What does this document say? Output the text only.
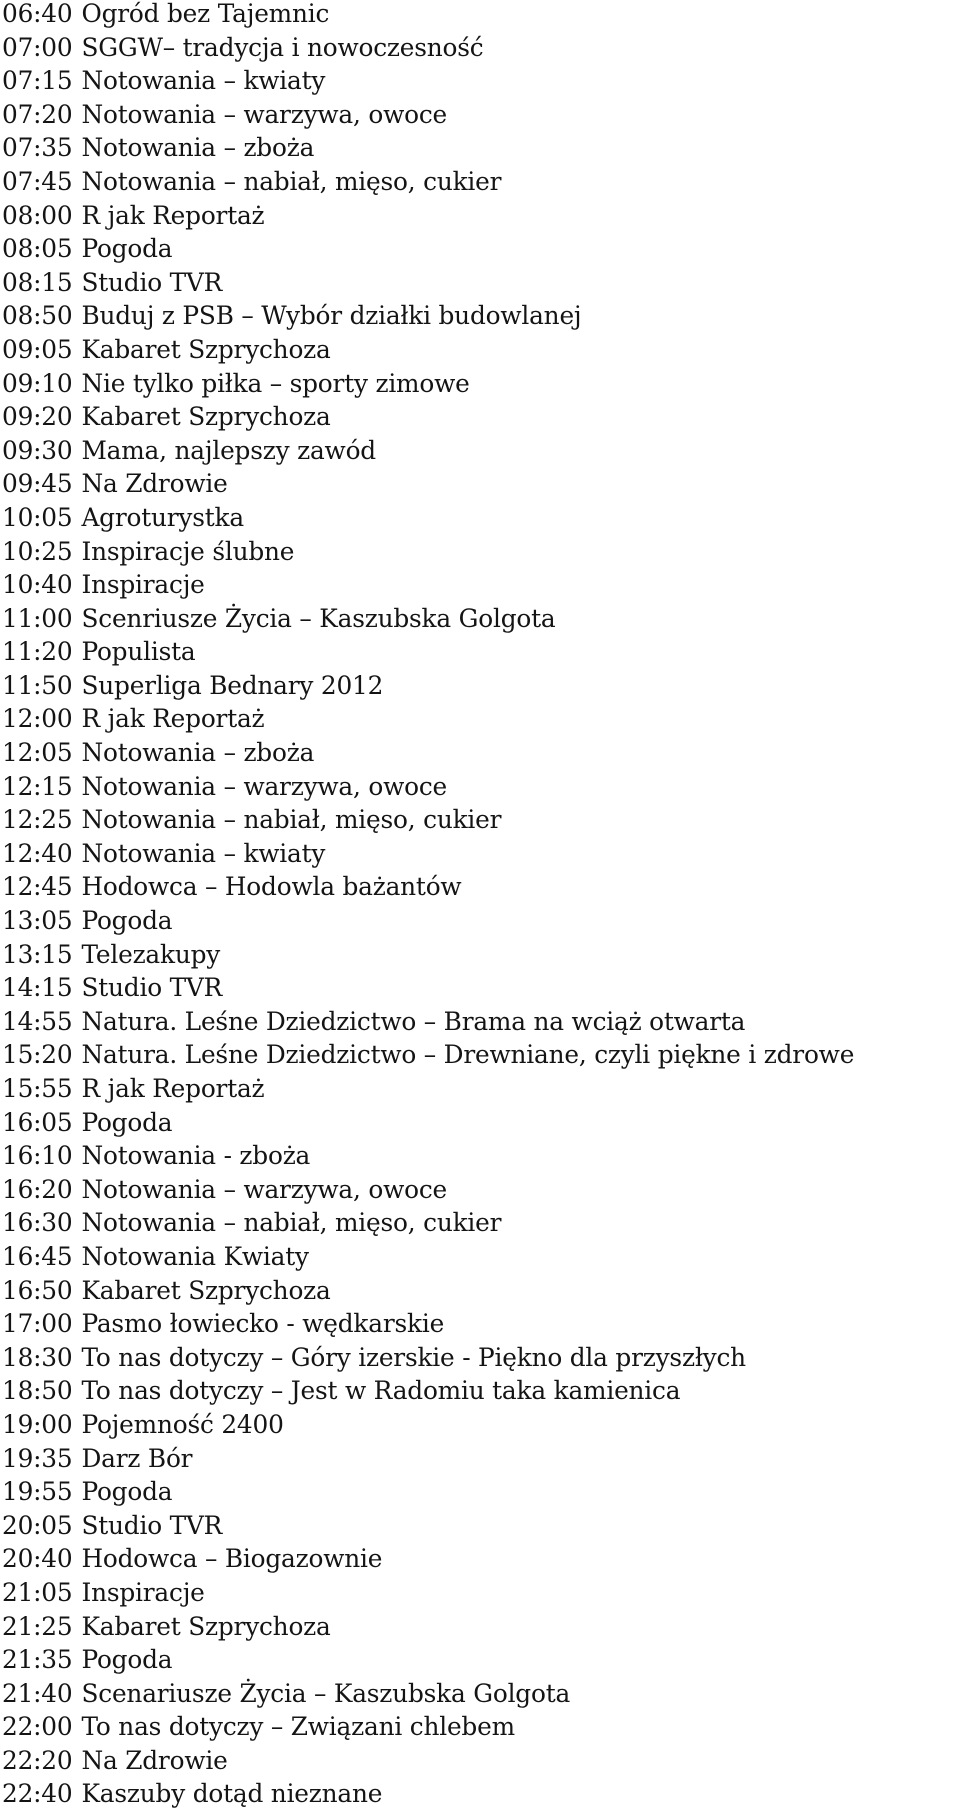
06:40 Ogród bez Tajemnic
07:00 SGGW– tradycja i nowoczesność
07:15 Notowania – kwiaty
07:20 Notowania – warzywa, owoce
07:35 Notowania – zboża
07:45 Notowania – nabiał, mięso, cukier
08:00 R jak Reportaż
08:05 Pogoda
08:15 Studio TVR
08:50 Buduj z PSB – Wybór działki budowlanej
09:05 Kabaret Szprychoza
09:10 Nie tylko piłka – sporty zimowe
09:20 Kabaret Szprychoza
09:30 Mama, najlepszy zawód
09:45 Na Zdrowie
10:05 Agroturystka
10:25 Inspiracje ślubne
10:40 Inspiracje
11:00 Scenriusze Życia – Kaszubska Golgota
11:20 Populista
11:50 Superliga Bednary 2012
12:00 R jak Reportaż
12:05 Notowania – zboża
12:15 Notowania – warzywa, owoce
12:25 Notowania – nabiał, mięso, cukier
12:40 Notowania – kwiaty
12:45 Hodowca – Hodowla bażantów
13:05 Pogoda
13:15 Telezakupy
14:15 Studio TVR
14:55 Natura. Leśne Dziedzictwo – Brama na wciąż otwarta
15:20 Natura. Leśne Dziedzictwo – Drewniane, czyli piękne i zdrowe
15:55 R jak Reportaż
16:05 Pogoda
16:10 Notowania - zboża
16:20 Notowania – warzywa, owoce
16:30 Notowania – nabiał, mięso, cukier
16:45 Notowania Kwiaty
16:50 Kabaret Szprychoza
17:00 Pasmo łowiecko - wędkarskie
18:30 To nas dotyczy – Góry izerskie - Piękno dla przyszłych
18:50 To nas dotyczy – Jest w Radomiu taka kamienica
19:00 Pojemność 2400
19:35 Darz Bór
19:55 Pogoda
20:05 Studio TVR
20:40 Hodowca – Biogazownie
21:05 Inspiracje
21:25 Kabaret Szprychoza
21:35 Pogoda
21:40 Scenariusze Życia – Kaszubska Golgota
22:00 To nas dotyczy – Związani chlebem
22:20 Na Zdrowie
22:40 Kaszuby dotąd nieznane
